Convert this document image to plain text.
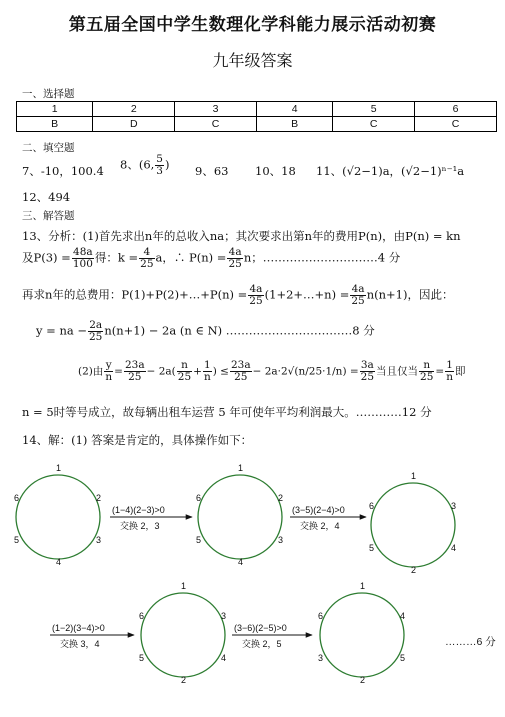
第五届全国中学生数理化学科能力展示活动初赛
九年级答案
一、选择题
1	2	3	4	5	6
B	D	C	B	C	C
二、填空题
7、-10，100.4 8、(6, $\frac{5}{3}$ ) 9、63 10、18 11、(√2−1)a，(√2−1)ⁿ⁻¹a
12、494
三、解答题
13、分析：(1)首先求出n年的总收入na；其次要求出第n年的费用P(n)，由P(n) = kn
及$P(3) = \frac{48a}{100}$ 得：$k = \frac{4}{25}$ a，∴ $P(n) = \frac{4a}{25}$ n；…………………………4 分
再求n年的总费用：P(1)+P(2)+…+P(n) = $\frac{4a}{25}$ (1+2+…+n) = $\frac{4a}{25} n(n+1)$，因此：
y = na − $\frac{2a}{25} n(n+1) - 2a$ (n ∈ N) ……………………………8 分
(2)由 $\frac{y}{n} = \frac{23a}{25} - 2a( \frac{n}{25} + \frac{1}{n}$ ) ≤ $\frac{23a}{25} - 2a\cdot 2√(n/25\cdot 1/n) = \frac{3a}{25}$ 当且仅当 $\frac{n}{25} = \frac{1}{n}$ 即
n = 5时等号成立，故每辆出租车运营 5 年可使年平均利润最大。…………12 分
14、解：(1) 答案是肯定的，具体操作如下：
1
2
3
4
5
6
1
2
3
4
5
6
1
3
4
2
5
6
1
3
4
2
5
6
1
4
5
2
3
6
(1−4)(2−3)>0
交换 2，3
(3−5)(2−4)>0
交换 2，4
(1−2)(3−4)>0
交换 3，4
(3−6)(2−5)>0
交换 2，5	………6 分
